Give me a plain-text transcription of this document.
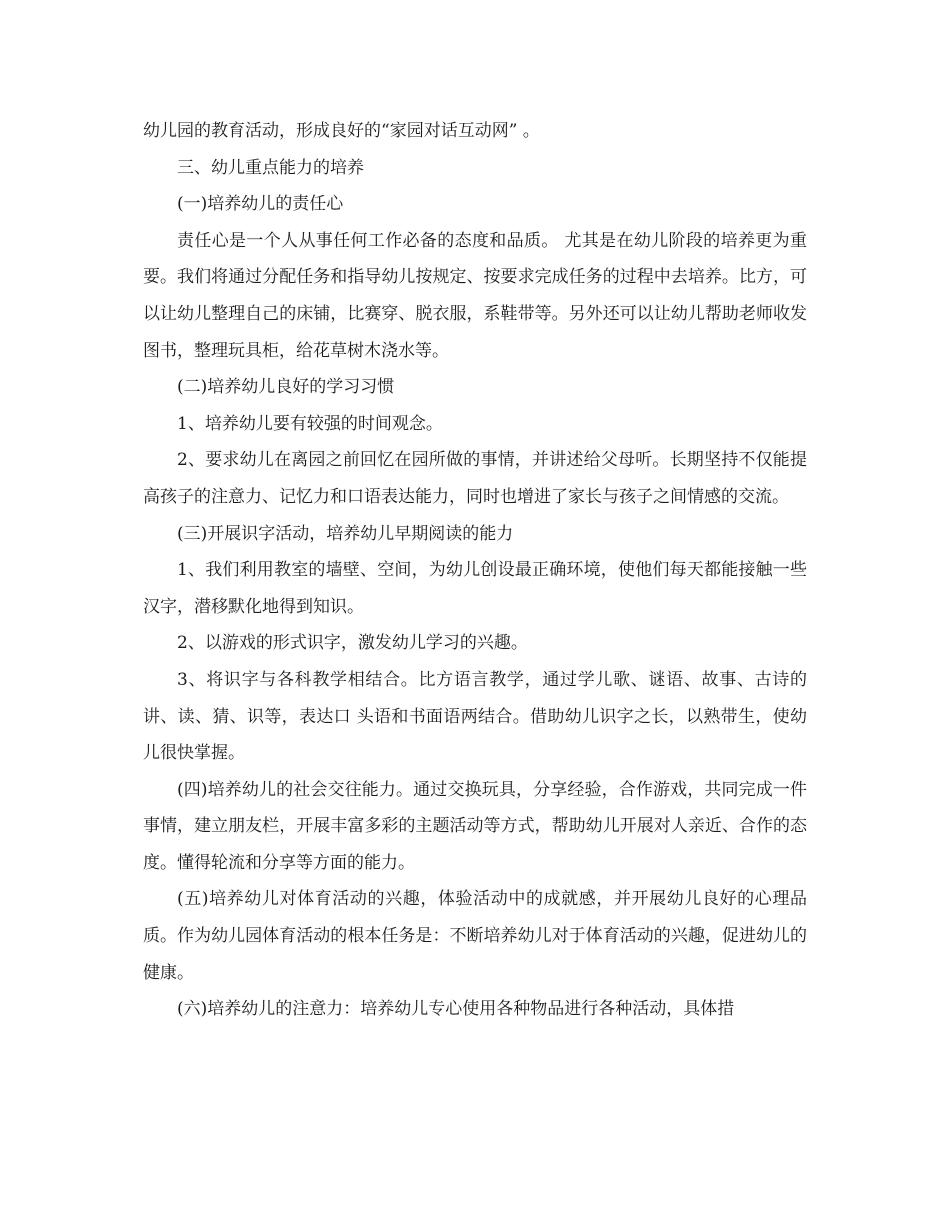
幼儿园的教育活动，形成良好的“家园对话互动网” 。

三、幼儿重点能力的培养

(一)培养幼儿的责任心

责任心是一个人从事任何工作必备的态度和品质。 尤其是在幼儿阶段的培养更为重要。我们将通过分配任务和指导幼儿按规定、按要求完成任务的过程中去培养。比方，可以让幼儿整理自己的床铺，比赛穿、脱衣服，系鞋带等。另外还可以让幼儿帮助老师收发图书，整理玩具柜，给花草树木浇水等。

(二)培养幼儿良好的学习习惯

1、培养幼儿要有较强的时间观念。

2、要求幼儿在离园之前回忆在园所做的事情，并讲述给父母听。长期坚持不仅能提高孩子的注意力、记忆力和口语表达能力，同时也增进了家长与孩子之间情感的交流。

(三)开展识字活动，培养幼儿早期阅读的能力

1、我们利用教室的墙壁、空间，为幼儿创设最正确环境，使他们每天都能接触一些汉字，潜移默化地得到知识。

2、以游戏的形式识字，激发幼儿学习的兴趣。

3、将识字与各科教学相结合。比方语言教学，通过学儿歌、谜语、故事、古诗的讲、读、猜、识等，表达口 头语和书面语两结合。借助幼儿识字之长，以熟带生，使幼儿很快掌握。

(四)培养幼儿的社会交往能力。通过交换玩具，分享经验，合作游戏，共同完成一件事情，建立朋友栏，开展丰富多彩的主题活动等方式，帮助幼儿开展对人亲近、合作的态度。懂得轮流和分享等方面的能力。

(五)培养幼儿对体育活动的兴趣，体验活动中的成就感，并开展幼儿良好的心理品质。作为幼儿园体育活动的根本任务是：不断培养幼儿对于体育活动的兴趣，促进幼儿的健康。

(六)培养幼儿的注意力：培养幼儿专心使用各种物品进行各种活动，具体措
